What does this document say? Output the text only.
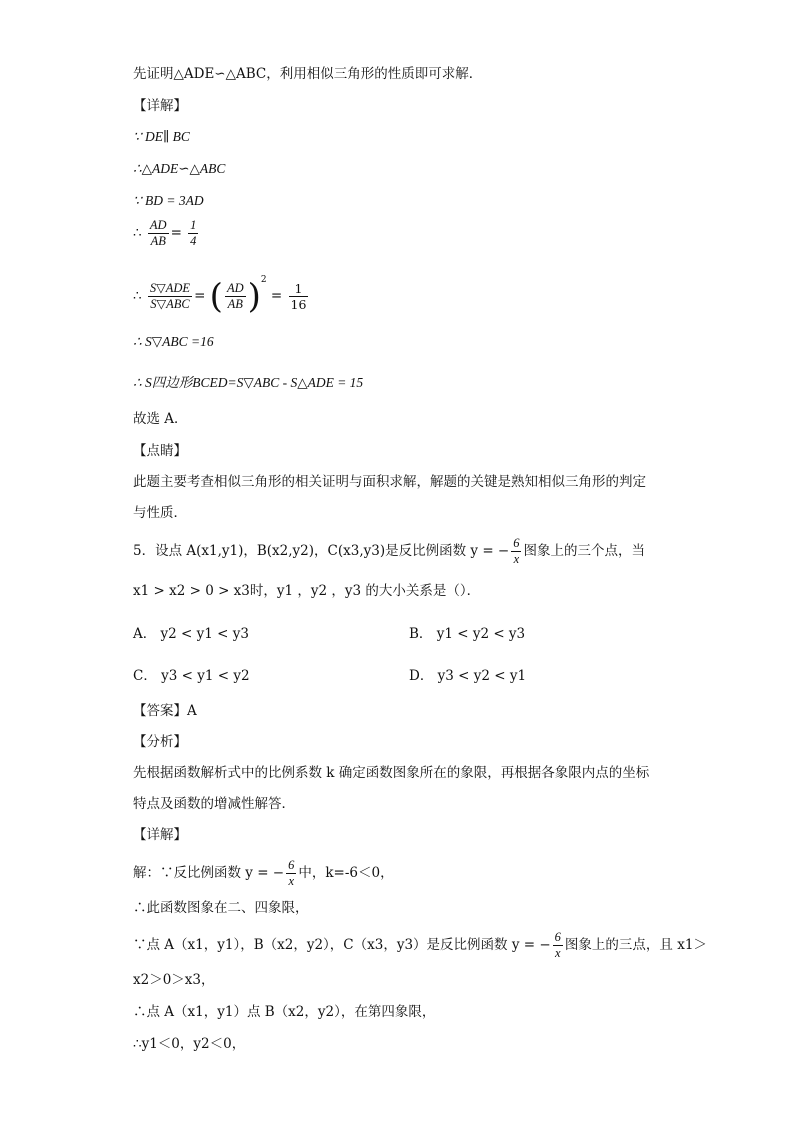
先证明△ADE∽△ABC，利用相似三角形的性质即可求解．
【详解】
∵ DE∥ BC
∴△ADE∽△ABC
∵ BD = 3AD
∴ $\frac{AD}{AB} = \frac{1}{4}$
∴ $\frac{\text{S▽ADE}}{\text{S▽ABC}}$ = ( $\frac{AD}{AB} )^2 = \frac{1}{16}$
∴ S▽ABC =16
∴ S四边形BCED=S▽ABC - S△ADE = 15
故选 A．
【点睛】
此题主要考查相似三角形的相关证明与面积求解，解题的关键是熟知相似三角形的判定
与性质．
5．设点 A(x1,y1)，B(x2,y2)，C(x3,y3)是反比例函数 y = − $\frac{6}{x}$ 图象上的三个点，当
x1 > x2 > 0 > x3时，y1 ，y2 ，y3 的大小关系是（）．
A． y2 < y1 < y3	B． y1 < y2 < y3
C． y3 < y1 < y2	D． y3 < y2 < y1
【答案】A
【分析】
先根据函数解析式中的比例系数 k 确定函数图象所在的象限，再根据各象限内点的坐标
特点及函数的增减性解答．
【详解】
解：∵反比例函数 y = − $\frac{6}{x}$ 中，k=-6＜0，
∴此函数图象在二、四象限，
∵点 A（x1，y1），B（x2，y2），C（x3，y3）是反比例函数 y = − $\frac{6}{x}$ 图象上的三点，且 x1＞
x2＞0＞x3，
∴点 A（x1，y1）点 B（x2，y2），在第四象限，
∴y1＜0，y2＜0，
